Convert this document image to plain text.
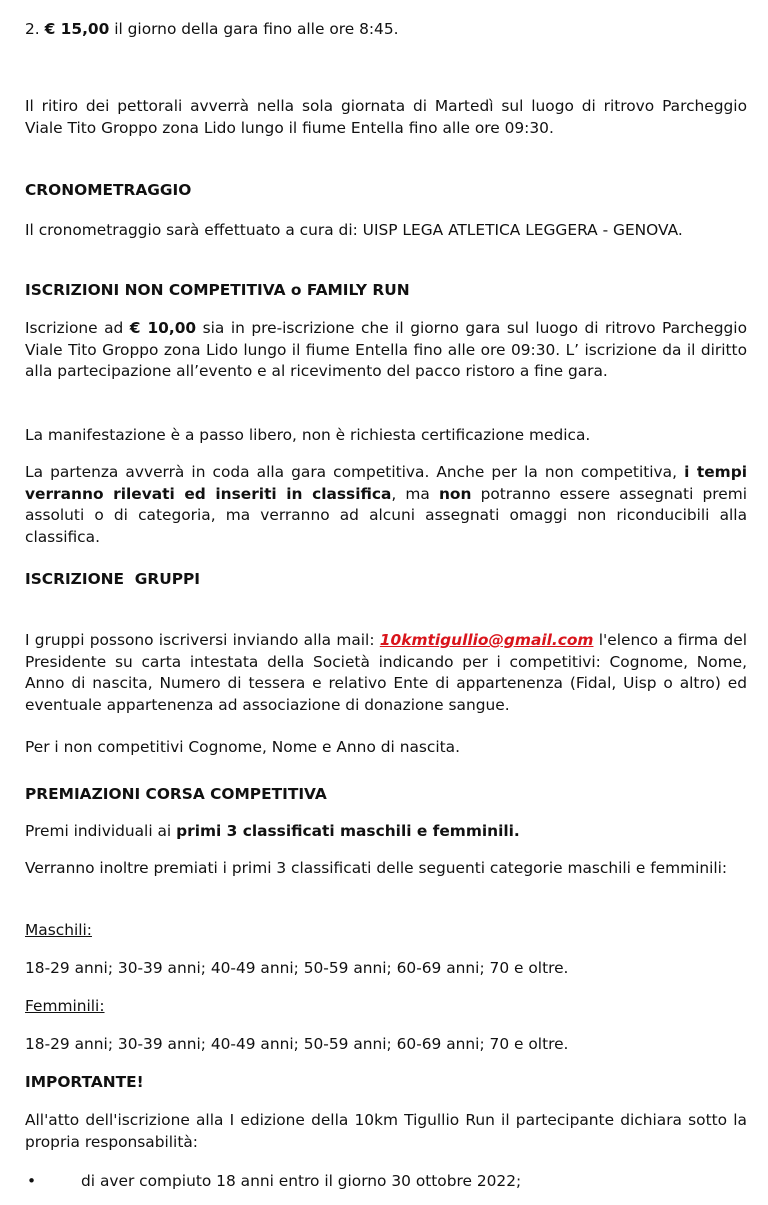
2. € 15,00 il giorno della gara fino alle ore 8:45.

Il ritiro dei pettorali avverrà nella sola giornata di Martedì sul luogo di ritrovo Parcheggio Viale Tito Groppo zona Lido lungo il fiume Entella fino alle ore 09:30.

CRONOMETRAGGIO

Il cronometraggio sarà effettuato a cura di: UISP LEGA ATLETICA LEGGERA - GENOVA.

ISCRIZIONI NON COMPETITIVA o FAMILY RUN

Iscrizione ad € 10,00 sia in pre-iscrizione che il giorno gara sul luogo di ritrovo Parcheggio Viale Tito Groppo zona Lido lungo il fiume Entella fino alle ore 09:30. L’ iscrizione da il diritto alla partecipazione all’evento e al ricevimento del pacco ristoro a fine gara.

La manifestazione è a passo libero, non è richiesta certificazione medica.

La partenza avverrà in coda alla gara competitiva. Anche per la non competitiva, i tempi verranno rilevati ed inseriti in classifica, ma non potranno essere assegnati premi assoluti o di categoria, ma verranno ad alcuni assegnati omaggi non riconducibili alla classifica.

ISCRIZIONE  GRUPPI

I gruppi possono iscriversi inviando alla mail: 10kmtigullio@gmail.com l'elenco a firma del Presidente su carta intestata della Società indicando per i competitivi: Cognome, Nome, Anno di nascita, Numero di tessera e relativo Ente di appartenenza (Fidal, Uisp o altro) ed eventuale appartenenza ad associazione di donazione sangue.

Per i non competitivi Cognome, Nome e Anno di nascita.

PREMIAZIONI CORSA COMPETITIVA

Premi individuali ai primi 3 classificati maschili e femminili.

Verranno inoltre premiati i primi 3 classificati delle seguenti categorie maschili e femminili:

Maschili:

18-29 anni; 30-39 anni; 40-49 anni; 50-59 anni; 60-69 anni; 70 e oltre.

Femminili:

18-29 anni; 30-39 anni; 40-49 anni; 50-59 anni; 60-69 anni; 70 e oltre.

IMPORTANTE!

All'atto dell'iscrizione alla I edizione della 10km Tigullio Run il partecipante dichiara sotto la propria responsabilità:

•	di aver compiuto 18 anni entro il giorno 30 ottobre 2022;
